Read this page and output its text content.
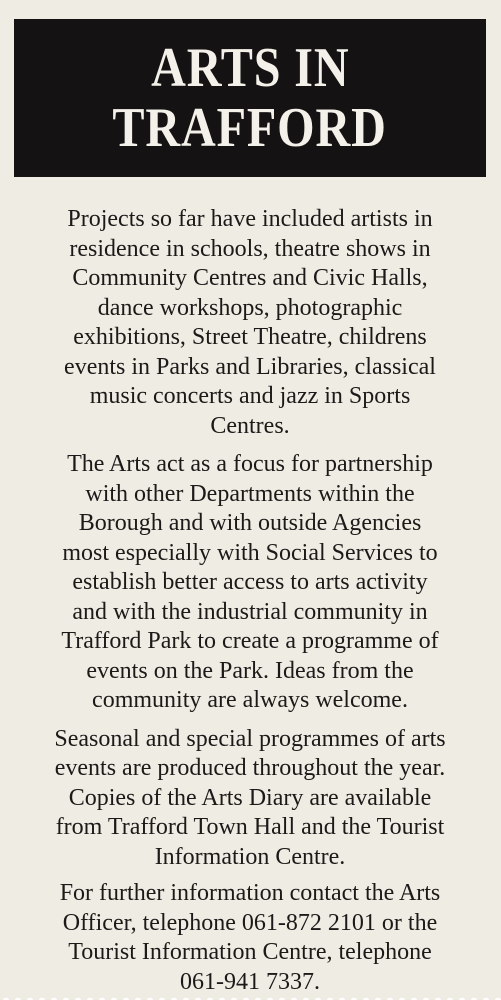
ARTS IN
TRAFFORD

Projects so far have included artists in
residence in schools, theatre shows in
Community Centres and Civic Halls,
dance workshops, photographic
exhibitions, Street Theatre, childrens
events in Parks and Libraries, classical
music concerts and jazz in Sports
Centres.

The Arts act as a focus for partnership
with other Departments within the
Borough and with outside Agencies
most especially with Social Services to
establish better access to arts activity
and with the industrial community in
Trafford Park to create a programme of
events on the Park. Ideas from the
community are always welcome.

Seasonal and special programmes of arts
events are produced throughout the year.
Copies of the Arts Diary are available
from Trafford Town Hall and the Tourist
Information Centre.

For further information contact the Arts
Officer, telephone 061-872 2101 or the
Tourist Information Centre, telephone
061-941 7337.
